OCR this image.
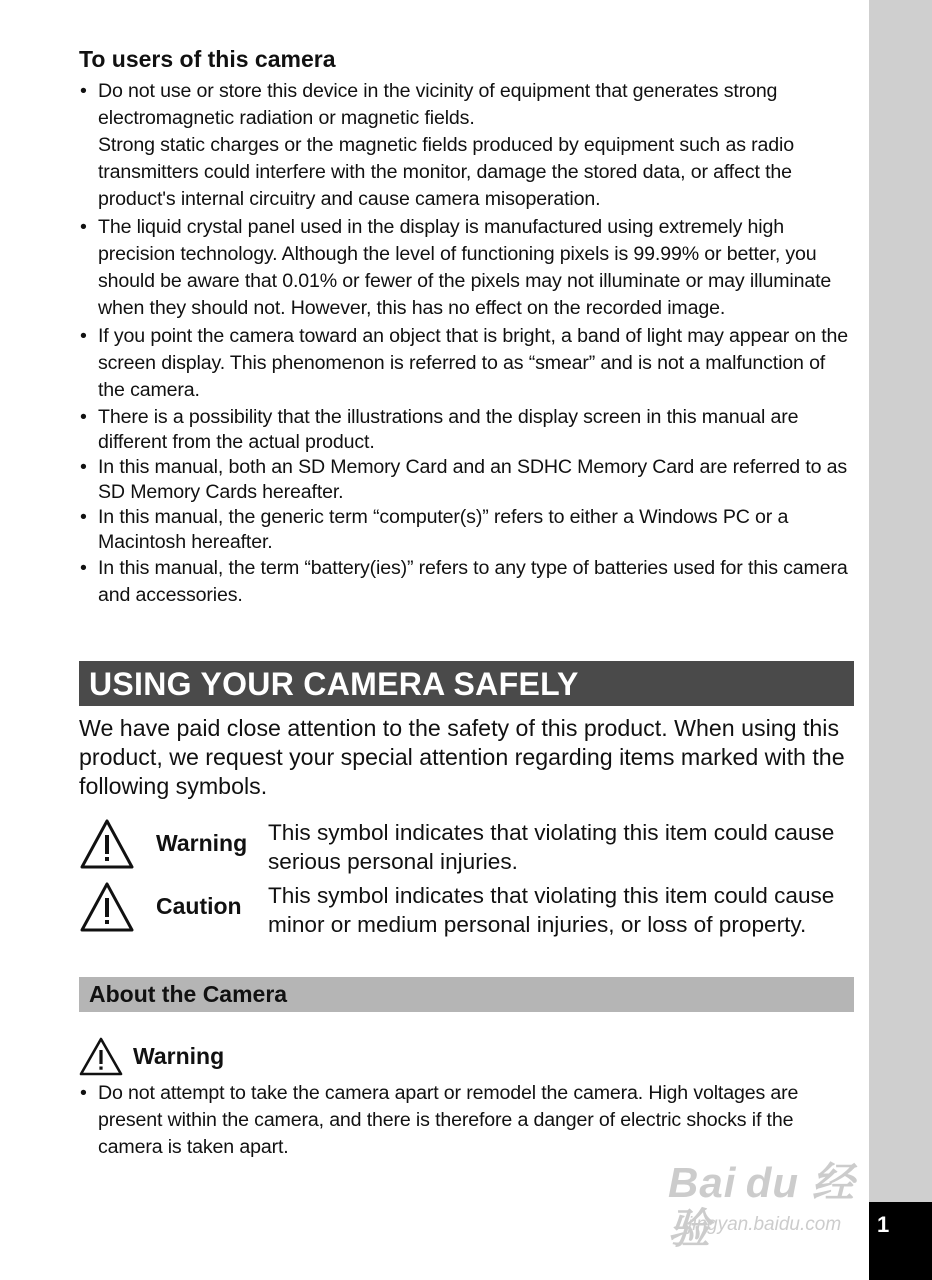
1
To users of this camera
• Do not use or store this device in the vicinity of equipment that generates strong electromagnetic radiation or magnetic fields.
Strong static charges or the magnetic fields produced by equipment such as radio transmitters could interfere with the monitor, damage the stored data, or affect the product's internal circuitry and cause camera misoperation.
• The liquid crystal panel used in the display is manufactured using extremely high precision technology. Although the level of functioning pixels is 99.99% or better, you should be aware that 0.01% or fewer of the pixels may not illuminate or may illuminate when they should not. However, this has no effect on the recorded image.
• If you point the camera toward an object that is bright, a band of light may appear on the screen display. This phenomenon is referred to as “smear” and is not a malfunction of the camera.
• There is a possibility that the illustrations and the display screen in this manual are different from the actual product.
• In this manual, both an SD Memory Card and an SDHC Memory Card are referred to as SD Memory Cards hereafter.
• In this manual, the generic term “computer(s)” refers to either a Windows PC or a Macintosh hereafter.
• In this manual, the term “battery(ies)” refers to any type of batteries used for this camera and accessories.
USING YOUR CAMERA SAFELY

We have paid close attention to the safety of this product. When using this product, we request your special attention regarding items marked with the following symbols.

Warning This symbol indicates that violating this item could cause serious personal injuries.

Caution This symbol indicates that violating this item could cause minor or medium personal injuries, or loss of property.

About the Camera
Warning
• Do not attempt to take the camera apart or remodel the camera. High voltages are present within the camera, and there is therefore a danger of electric shocks if the camera is taken apart.
Bai du 经验
jingyan.baidu.com
